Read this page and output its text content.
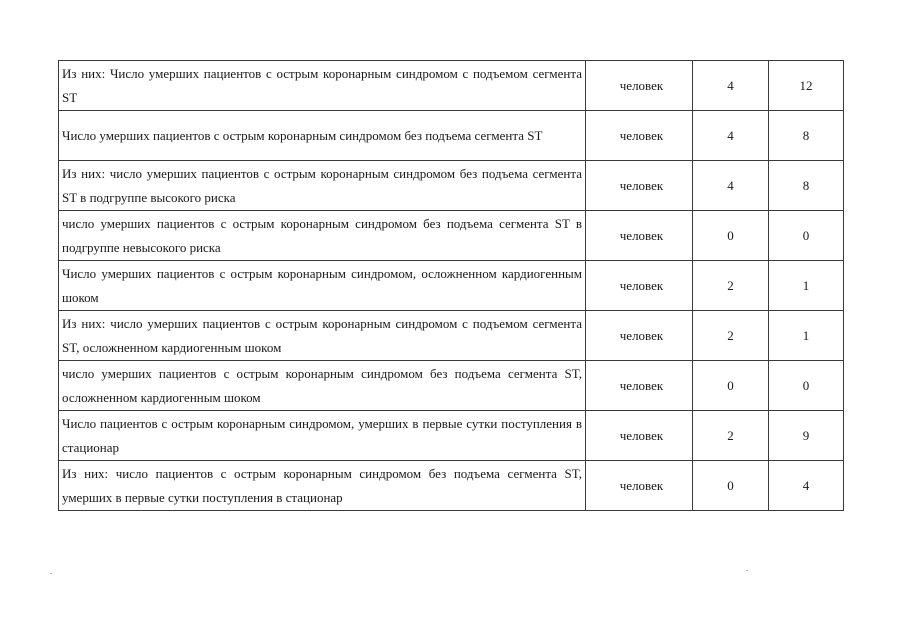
Из них: Число умерших пациентов с острым коронарным синдромом с подъемом сегмента ST	человек	4	12
Число умерших пациентов с острым коронарным синдромом без подъема сегмента ST	человек	4	8
Из них: число умерших пациентов с острым коронарным синдромом без подъема сегмента ST в подгруппе высокого риска	человек	4	8
число умерших пациентов с острым коронарным синдромом без подъема сегмента ST в подгруппе невысокого риска	человек	0	0
Число умерших пациентов с острым коронарным синдромом, осложненном кардиогенным шоком	человек	2	1
Из них: число умерших пациентов с острым коронарным синдромом с подъемом сегмента ST, осложненном кардиогенным шоком	человек	2	1
число умерших пациентов с острым коронарным синдромом без подъема сегмента ST, осложненном кардиогенным шоком	человек	0	0
Число пациентов с острым коронарным синдромом, умерших в первые сутки поступления в стационар	человек	2	9
Из них: число пациентов с острым коронарным синдромом без подъема сегмента ST, умерших в первые сутки поступления в стационар	человек	0	4
